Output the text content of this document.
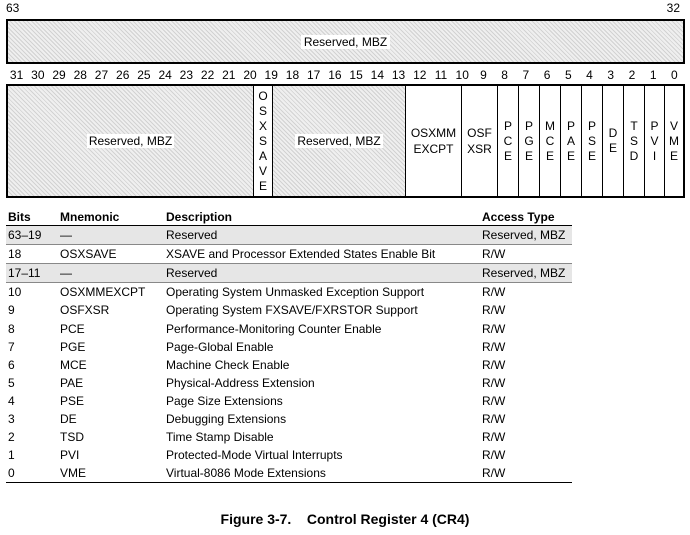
63	32
Reserved, MBZ
31 30 29 28 27 26 25 24 23 22 21 20 19 18 17 16 15 14 13 12 11 10 9	8	7	6	5	4	3	2	1	0
Reserved, MBZ
O
S
X
S
A
V
E
Reserved, MBZ
OSXMM
EXCPT
OSF
XSR
P
C
E
P
G
E
M
C
E
P
A
E
P
S
E
D
E
T
S
D
P
V
I
V
M
E
Bits	Mnemonic	Description	Access Type
63–19	—	Reserved	Reserved, MBZ
18	OSXSAVE	XSAVE and Processor Extended States Enable Bit	R/W
17–11	—	Reserved	Reserved, MBZ
10	OSXMMEXCPT	Operating System Unmasked Exception Support	R/W
9	OSFXSR	Operating System FXSAVE/FXRSTOR Support	R/W
8	PCE	Performance-Monitoring Counter Enable	R/W
7	PGE	Page-Global Enable	R/W
6	MCE	Machine Check Enable	R/W
5	PAE	Physical-Address Extension	R/W
4	PSE	Page Size Extensions	R/W
3	DE	Debugging Extensions	R/W
2	TSD	Time Stamp Disable	R/W
1	PVI	Protected-Mode Virtual Interrupts	R/W
0	VME	Virtual-8086 Mode Extensions	R/W
Figure 3-7.    Control Register 4 (CR4)
